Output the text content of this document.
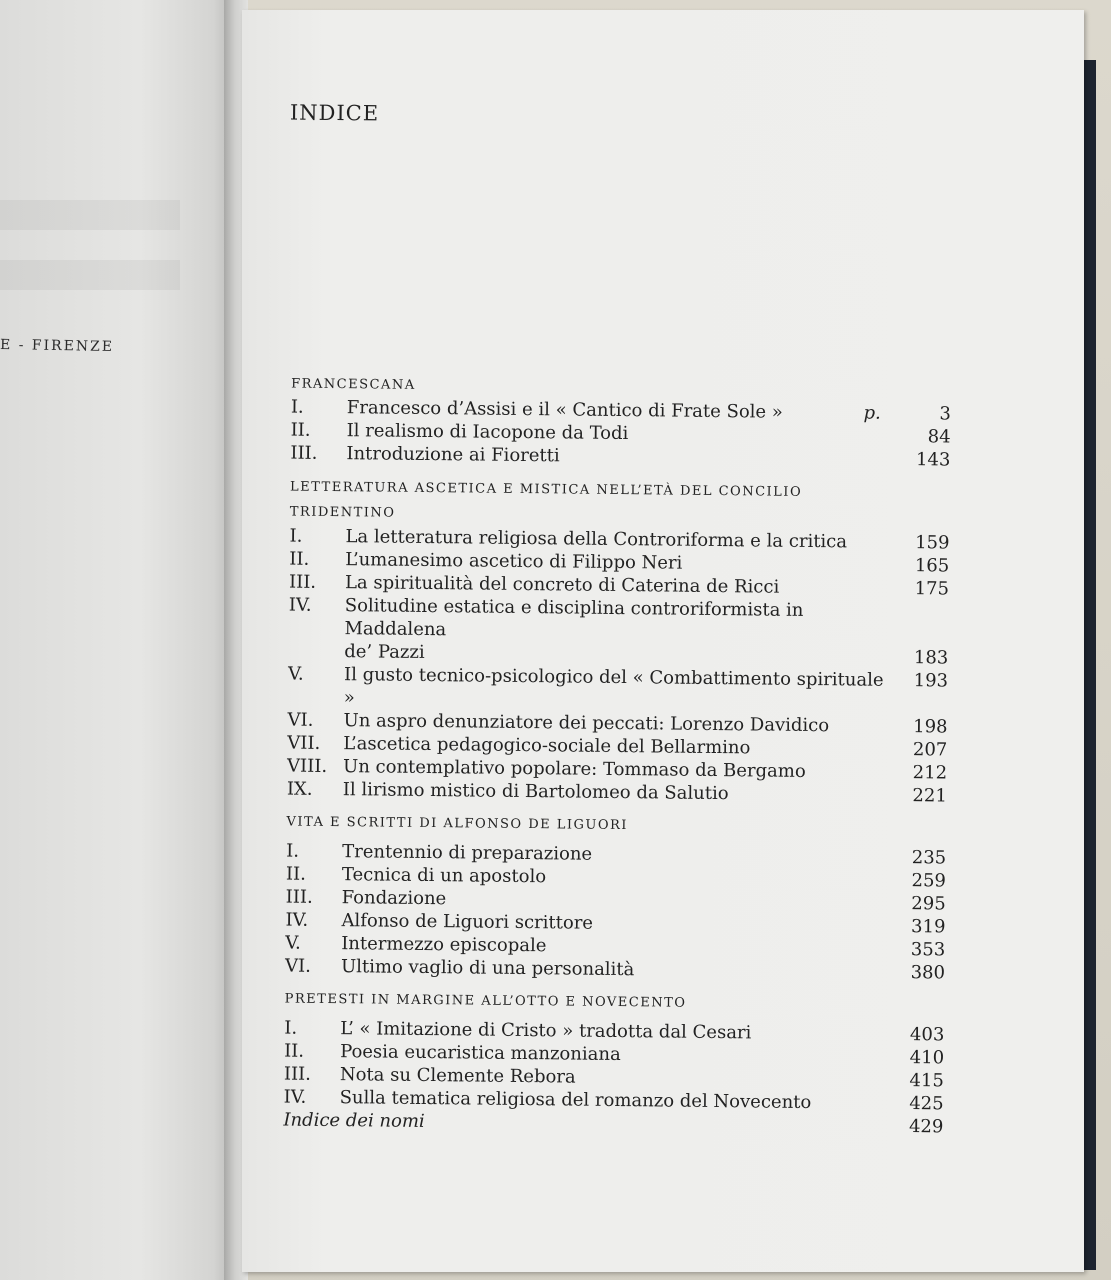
E - FIRENZE
INDICE
FRANCESCANA
I.	Francesco d’Assisi e il « Cantico di Frate Sole »	p.	3
II.	Il realismo di Iacopone da Todi	84
III.	Introduzione ai Fioretti	143
LETTERATURA ASCETICA E MISTICA NELL’ETÀ DEL CONCILIO TRIDENTINO
I.	La letteratura religiosa della Controriforma e la critica	159
II.	L’umanesimo ascetico di Filippo Neri	165
III.	La spiritualità del concreto di Caterina de Ricci	175
IV.	Solitudine estatica e disciplina controriformista in Maddalena
de’ Pazzi	183
V.	Il gusto tecnico-psicologico del « Combattimento spirituale »
193
VI.	Un aspro denunziatore dei peccati: Lorenzo Davidico	198
VII.	L’ascetica pedagogico-sociale del Bellarmino	207
VIII. Un contemplativo popolare: Tommaso da Bergamo	212
IX.	Il lirismo mistico di Bartolomeo da Salutio	221
VITA E SCRITTI DI ALFONSO DE LIGUORI
I.	Trentennio di preparazione	235
II.	Tecnica di un apostolo	259
III.	Fondazione	295
IV.	Alfonso de Liguori scrittore	319
V.	Intermezzo episcopale	353
VI.	Ultimo vaglio di una personalità	380
PRETESTI IN MARGINE ALL’OTTO E NOVECENTO
I.	L’ « Imitazione di Cristo » tradotta dal Cesari	403
II.	Poesia eucaristica manzoniana	410
III.	Nota su Clemente Rebora	415
IV.	Sulla tematica religiosa del romanzo del Novecento	425
Indice dei nomi	429
